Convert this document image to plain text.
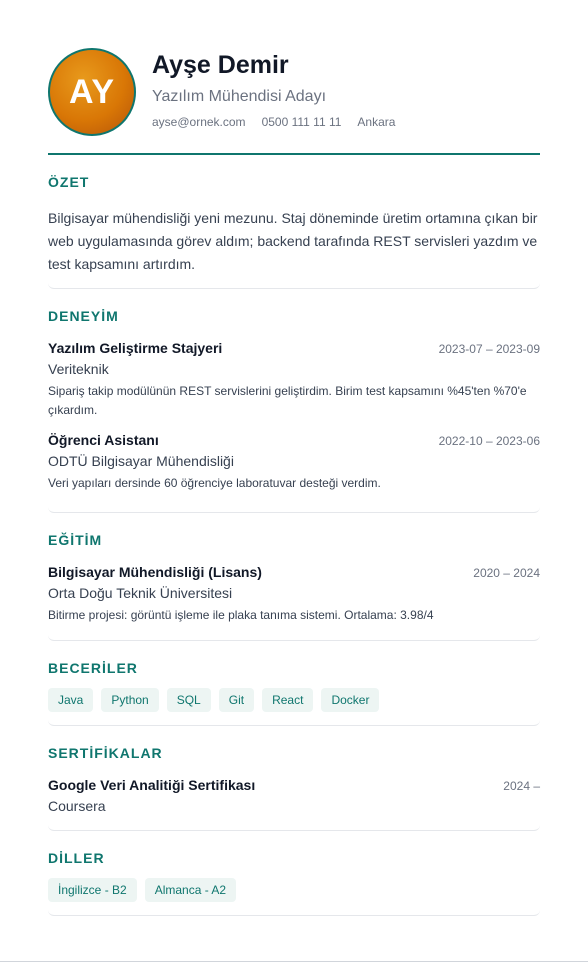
AY
Ayşe Demir
Yazılım Mühendisi Adayı
ayse@ornek.com 0500 111 11 11 Ankara
ÖZET
Bilgisayar mühendisliği yeni mezunu. Staj döneminde üretim ortamına çıkan bir web uygulamasında görev aldım; backend tarafında REST servisleri yazdım ve test kapsamını artırdım.
DENEYİM
Yazılım Geliştirme Stajyeri	2023-07 – 2023-09
Veriteknik
Sipariş takip modülünün REST servislerini geliştirdim. Birim test kapsamını %45'ten %70'e çıkardım.
Öğrenci Asistanı	2022-10 – 2023-06
ODTÜ Bilgisayar Mühendisliği
Veri yapıları dersinde 60 öğrenciye laboratuvar desteği verdim.
EĞİTİM
Bilgisayar Mühendisliği (Lisans)	2020 – 2024
Orta Doğu Teknik Üniversitesi
Bitirme projesi: görüntü işleme ile plaka tanıma sistemi. Ortalama: 3.98/4
BECERİLER
Java	Python	SQL	Git	React	Docker
SERTİFİKALAR
Google Veri Analitiği Sertifikası	2024 –
Coursera
DİLLER
İngilizce - B2	Almanca - A2
